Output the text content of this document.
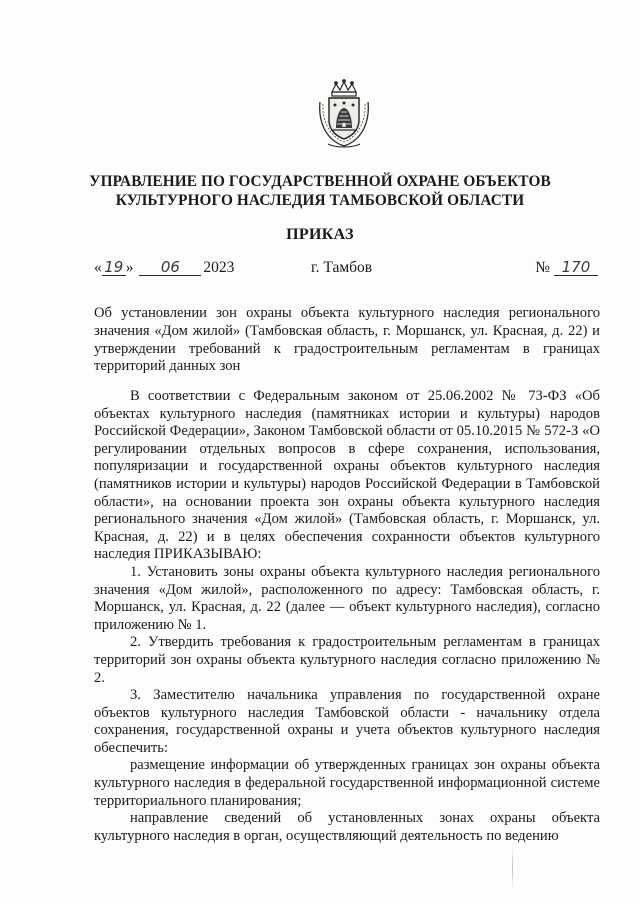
УПРАВЛЕНИЕ ПО ГОСУДАРСТВЕННОЙ ОХРАНЕ ОБЪЕКТОВ
КУЛЬТУРНОГО НАСЛЕДИЯ ТАМБОВСКОЙ ОБЛАСТИ
ПРИКАЗ
« 19 » 06 2023	г. Тамбов	№ 170
Об установлении зон охраны объекта культурного наследия регионального значения «Дом жилой» (Тамбовская область, г. Моршанск, ул. Красная, д. 22) и утверждении требований к градостроительным регламентам в границах территорий данных зон

В соответствии с Федеральным законом от 25.06.2002 № 73-ФЗ «Об объектах культурного наследия (памятниках истории и культуры) народов Российской Федерации», Законом Тамбовской области от 05.10.2015 № 572-З «О регулировании отдельных вопросов в сфере сохранения, использования, популяризации и государственной охраны объектов культурного наследия (памятников истории и культуры) народов Российской Федерации в Тамбовской области», на основании проекта зон охраны объекта культурного наследия регионального значения «Дом жилой» (Тамбовская область, г. Моршанск, ул. Красная, д. 22) и в целях обеспечения сохранности объектов культурного наследия ПРИКАЗЫВАЮ:

1. Установить зоны охраны объекта культурного наследия регионального значения «Дом жилой», расположенного по адресу: Тамбовская область, г. Моршанск, ул. Красная, д. 22 (далее — объект культурного наследия), согласно приложению № 1.

2. Утвердить требования к градостроительным регламентам в границах территорий зон охраны объекта культурного наследия согласно приложению № 2.

3. Заместителю начальника управления по государственной охране объектов культурного наследия Тамбовской области - начальнику отдела сохранения, государственной охраны и учета объектов культурного наследия обеспечить:

размещение информации об утвержденных границах зон охраны объекта культурного наследия в федеральной государственной информационной системе территориального планирования;

направление сведений об установленных зонах охраны объекта культурного наследия в орган, осуществляющий деятельность по ведению
